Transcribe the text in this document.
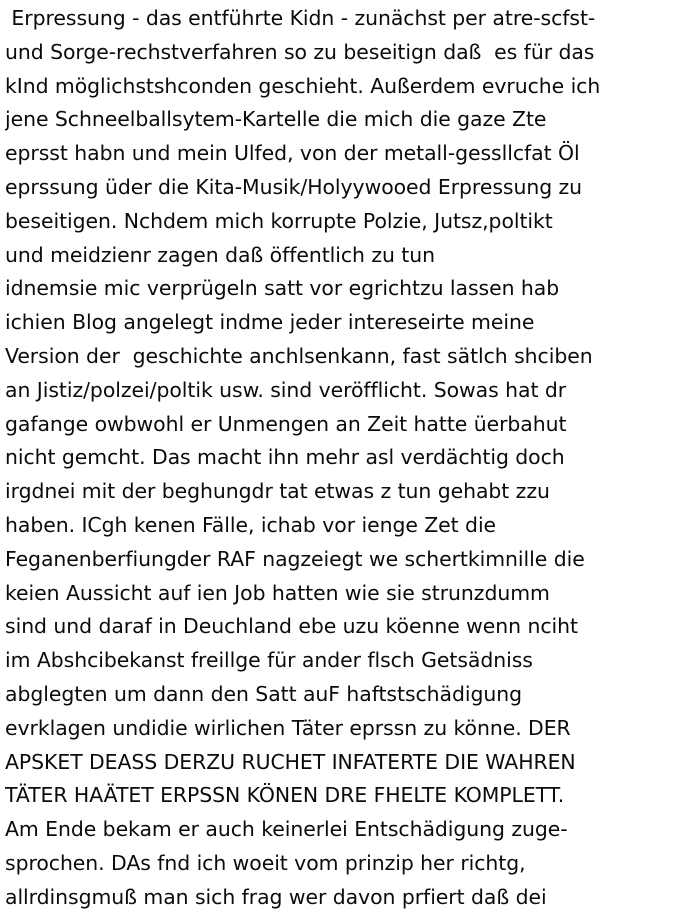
Erpressung - das entführte Kidn - zunächst per atre-scfst-
und Sorge-rechstverfahren so zu beseitign daß  es für das
kInd möglichstshconden geschieht. Außerdem evruche ich
jene Schneelballsytem-Kartelle die mich die gaze Zte
eprsst habn und mein Ulfed, von der metall-gessllcfat Öl
eprssung üder die Kita-Musik/Holyywooed Erpressung zu
beseitigen. Nchdem mich korrupte Polzie, Jutsz,poltikt
und meidzienr zagen daß öffentlich zu tun
idnemsie mic verprügeln satt vor egrichtzu lassen hab
ichien Blog angelegt indme jeder intereseirte meine
Version der  geschichte anchlsenkann, fast sätlch shciben
an Jistiz/polzei/poltik usw. sind veröfflicht. Sowas hat dr
gafange owbwohl er Unmengen an Zeit hatte üerbahut
nicht gemcht. Das macht ihn mehr asl verdächtig doch
irgdnei mit der beghungdr tat etwas z tun gehabt zzu
haben. ICgh kenen Fälle, ichab vor ienge Zet die
Feganenberfiungder RAF nagzeiegt we schertkimnille die
keien Aussicht auf ien Job hatten wie sie strunzdumm
sind und daraf in Deuchland ebe uzu köenne wenn nciht
im Abshcibekanst freillge für ander flsch Getsädniss
abglegten um dann den Satt auF haftstschädigung
evrklagen undidie wirlichen Täter eprssn zu könne. DER
APSKET DEASS DERZU RUCHET INFATERTE DIE WAHREN
TÄTER HAÄTET ERPSSN KÖNEN DRE FHELTE KOMPLETT.
Am Ende bekam er auch keinerlei Entschädigung zuge-
sprochen. DAs fnd ich woeit vom prinzip her richtg,
allrdinsgmuß man sich frag wer davon prfiert daß dei
